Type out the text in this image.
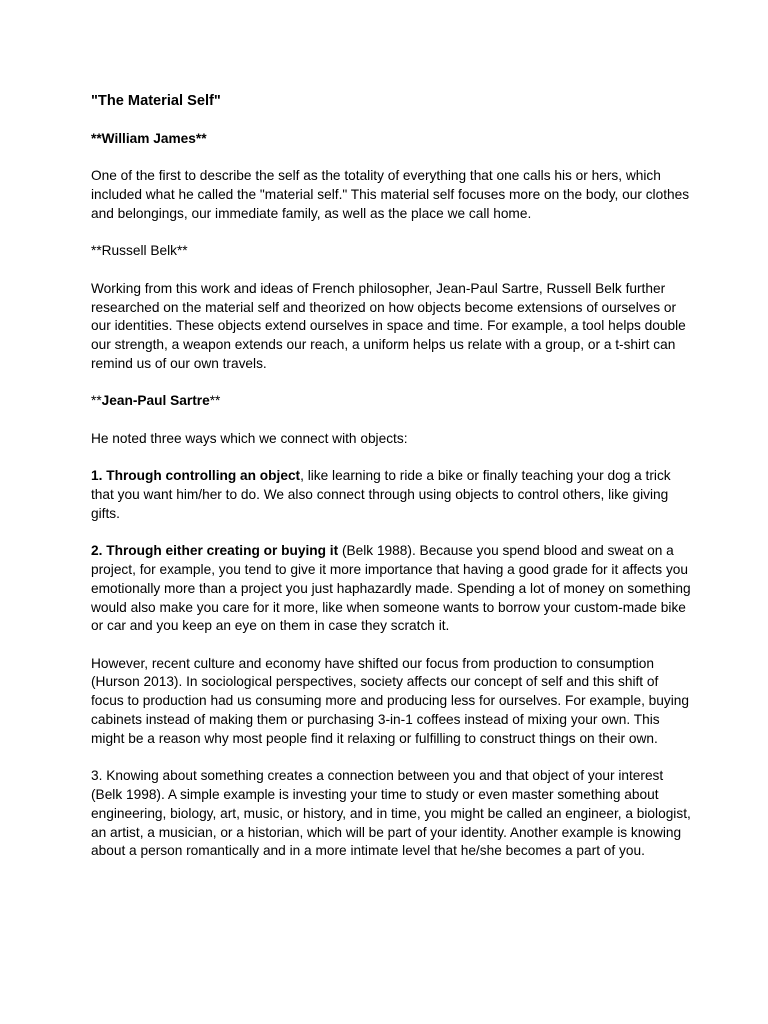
"The Material Self"

**William James**

One of the first to describe the self as the totality of everything that one calls his or hers, which included what he called the "material self." This material self focuses more on the body, our clothes and belongings, our immediate family, as well as the place we call home.

**Russell Belk**

Working from this work and ideas of French philosopher, Jean-Paul Sartre, Russell Belk further researched on the material self and theorized on how objects become extensions of ourselves or our identities. These objects extend ourselves in space and time. For example, a tool helps double our strength, a weapon extends our reach, a uniform helps us relate with a group, or a t-shirt can remind us of our own travels.

**Jean-Paul Sartre**

He noted three ways which we connect with objects:

1. Through controlling an object, like learning to ride a bike or finally teaching your dog a trick that you want him/her to do. We also connect through using objects to control others, like giving gifts.

2. Through either creating or buying it (Belk 1988). Because you spend blood and sweat on a project, for example, you tend to give it more importance that having a good grade for it affects you emotionally more than a project you just haphazardly made. Spending a lot of money on something would also make you care for it more, like when someone wants to borrow your custom-made bike or car and you keep an eye on them in case they scratch it.

However, recent culture and economy have shifted our focus from production to consumption (Hurson 2013). In sociological perspectives, society affects our concept of self and this shift of focus to production had us consuming more and producing less for ourselves. For example, buying cabinets instead of making them or purchasing 3-in-1 coffees instead of mixing your own. This might be a reason why most people find it relaxing or fulfilling to construct things on their own.

3. Knowing about something creates a connection between you and that object of your interest (Belk 1998). A simple example is investing your time to study or even master something about engineering, biology, art, music, or history, and in time, you might be called an engineer, a biologist, an artist, a musician, or a historian, which will be part of your identity. Another example is knowing about a person romantically and in a more intimate level that he/she becomes a part of you.
